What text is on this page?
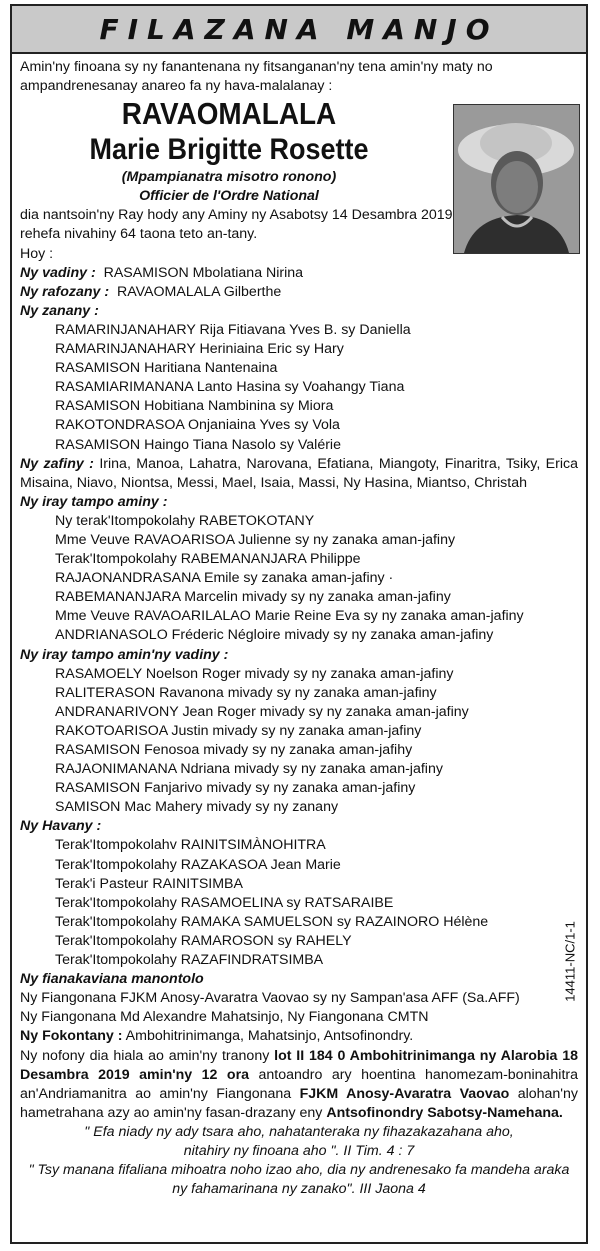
FILAZANA MANJO

Amin'ny finoana sy ny fanantenana ny fitsanganan'ny tena amin'ny maty no ampandrenesanay anareo fa ny hava-malalanay :

RAVAOMALALA
Marie Brigitte Rosette
(Mpampianatra misotro ronono)
Officier de l'Ordre National

dia nantsoin'ny Ray hody any Aminy ny Asabotsy 14 Desambra 2019

rehefa nivahiny 64 taona teto an-tany.

Hoy :

Ny vadiny : RASAMISON Mbolatiana Nirina

Ny rafozany : RAVAOMALALA Gilberthe

Ny zanany :

RAMARINJANAHARY Rija Fitiavana Yves B. sy Daniella

RAMARINJANAHARY Heriniaina Eric sy Hary

RASAMISON Haritiana Nantenaina

RASAMIARIMANANA Lanto Hasina sy Voahangy Tiana

RASAMISON Hobitiana Nambinina sy Miora

RAKOTONDRASOA Onjaniaina Yves sy Vola

RASAMISON Haingo Tiana Nasolo sy Valérie

Ny zafiny : Irina, Manoa, Lahatra, Narovana, Efatiana, Miangoty, Finaritra, Tsiky, Erica Misaina, Niavo, Niontsa, Messi, Mael, Isaia, Massi, Ny Hasina, Miantso, Christah

Ny iray tampo aminy :

Ny terak'Itompokolahy RABETOKOTANY

Mme Veuve RAVAOARISOA Julienne sy ny zanaka aman-jafiny

Terak'Itompokolahy RABEMANANJARA Philippe

RAJAONANDRASANA Emile sy zanaka aman-jafiny ·

RABEMANANJARA Marcelin mivady sy ny zanaka aman-jafiny

Mme Veuve RAVAOARILALAO Marie Reine Eva sy ny zanaka aman-jafiny

ANDRIANASOLO Fréderic Négloire mivady sy ny zanaka aman-jafiny

Ny iray tampo amin'ny vadiny :

RASAMOELY Noelson Roger mivady sy ny zanaka aman-jafiny

RALITERASON Ravanona mivady sy ny zanaka aman-jafiny

ANDRANARIVONY Jean Roger mivady sy ny zanaka aman-jafiny

RAKOTOARISOA Justin mivady sy ny zanaka aman-jafiny

RASAMISON Fenosoa mivady sy ny zanaka aman-jafihy

RAJAONIMANANA Ndriana mivady sy ny zanaka aman-jafiny

RASAMISON Fanjarivo mivady sy ny zanaka aman-jafiny

SAMISON Mac Mahery mivady sy ny zanany

Ny Havany :

Terak'Itompokolahv RAINITSIMÀNOHITRA

Terak'Itompokolahy RAZAKASOA Jean Marie

Terak'i Pasteur RAINITSIMBA

Terak'Itompokolahy RASAMOELINA sy RATSARAIBE

Terak'Itompokolahy RAMAKA SAMUELSON sy RAZAINORO Hélène

Terak'Itompokolahy RAMAROSON sy RAHELY

Terak'Itompokolahy RAZAFINDRATSIMBA

Ny fianakaviana manontolo

Ny Fiangonana FJKM Anosy-Avaratra Vaovao sy ny Sampan'asa AFF (Sa.AFF)

Ny Fiangonana Md Alexandre Mahatsinjo, Ny Fiangonana CMTN

Ny Fokontany : Ambohitrinimanga, Mahatsinjo, Antsofinondry.

Ny nofony dia hiala ao amin'ny tranony lot II 184 0 Ambohitrinimanga ny Alarobia 18 Desambra 2019 amin'ny 12 ora antoandro ary hoentina hanomezam-boninahitra an'Andriamanitra ao amin'ny Fiangonana FJKM Anosy-Avaratra Vaovao alohan'ny hametrahana azy ao amin'ny fasan-drazany eny Antsofinondry Sabotsy-Namehana.

" Efa niady ny ady tsara aho, nahatanteraka ny fihazakazahana aho,

nitahiry ny finoana aho ". II Tim. 4 : 7

" Tsy manana fifaliana mihoatra noho izao aho, dia ny andrenesako fa mandeha araka

ny fahamarinana ny zanako". III Jaona 4

14411-NC/1-1
